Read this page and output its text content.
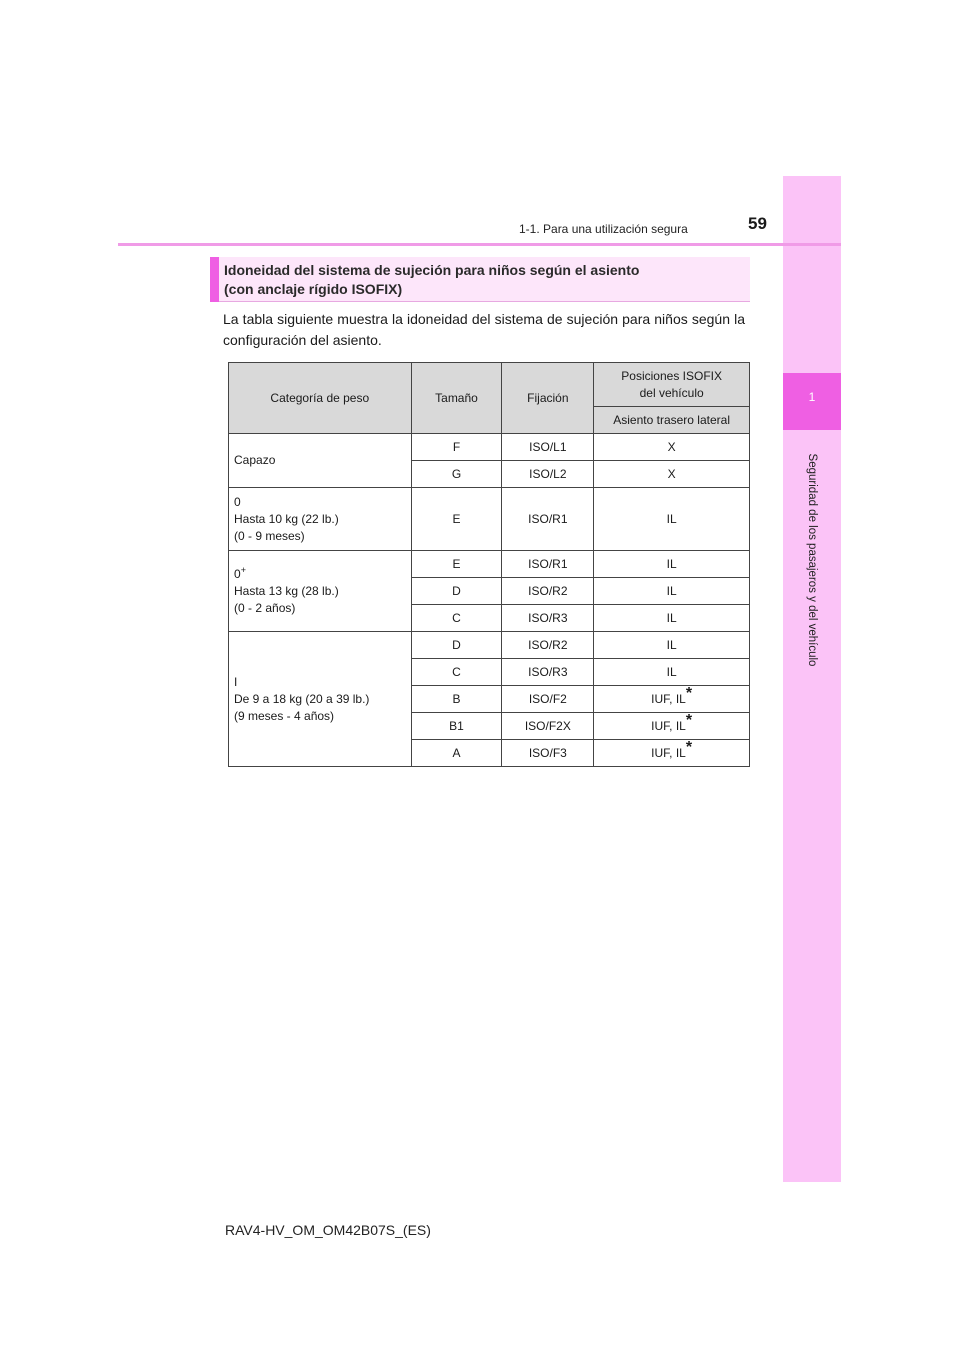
1
Seguridad de los pasajeros y del vehículo
1-1. Para una utilización segura	59
Idoneidad del sistema de sujeción para niños según el asiento
(con anclaje rígido ISOFIX)
La tabla siguiente muestra la idoneidad del sistema de sujeción para niños según la configuración del asiento.
Categoría de peso	Tamaño	Fijación	Posiciones ISOFIX
del vehículo
			Asiento trasero lateral
Capazo	F	ISO/L1	X
	G	ISO/L2	X
0
Hasta 10 kg (22 lb.)
(0 - 9 meses)	E	ISO/R1	IL
0+
Hasta 13 kg (28 lb.)
(0 - 2 años)	E	ISO/R1	IL
	D	ISO/R2	IL
	C	ISO/R3	IL
I
De 9 a 18 kg (20 a 39 lb.)
(9 meses - 4 años)	D	ISO/R2	IL
	C	ISO/R3	IL
	B	ISO/F2	IUF, IL*
	B1	ISO/F2X	IUF, IL*
	A	ISO/F3	IUF, IL*
RAV4-HV_OM_OM42B07S_(ES)
